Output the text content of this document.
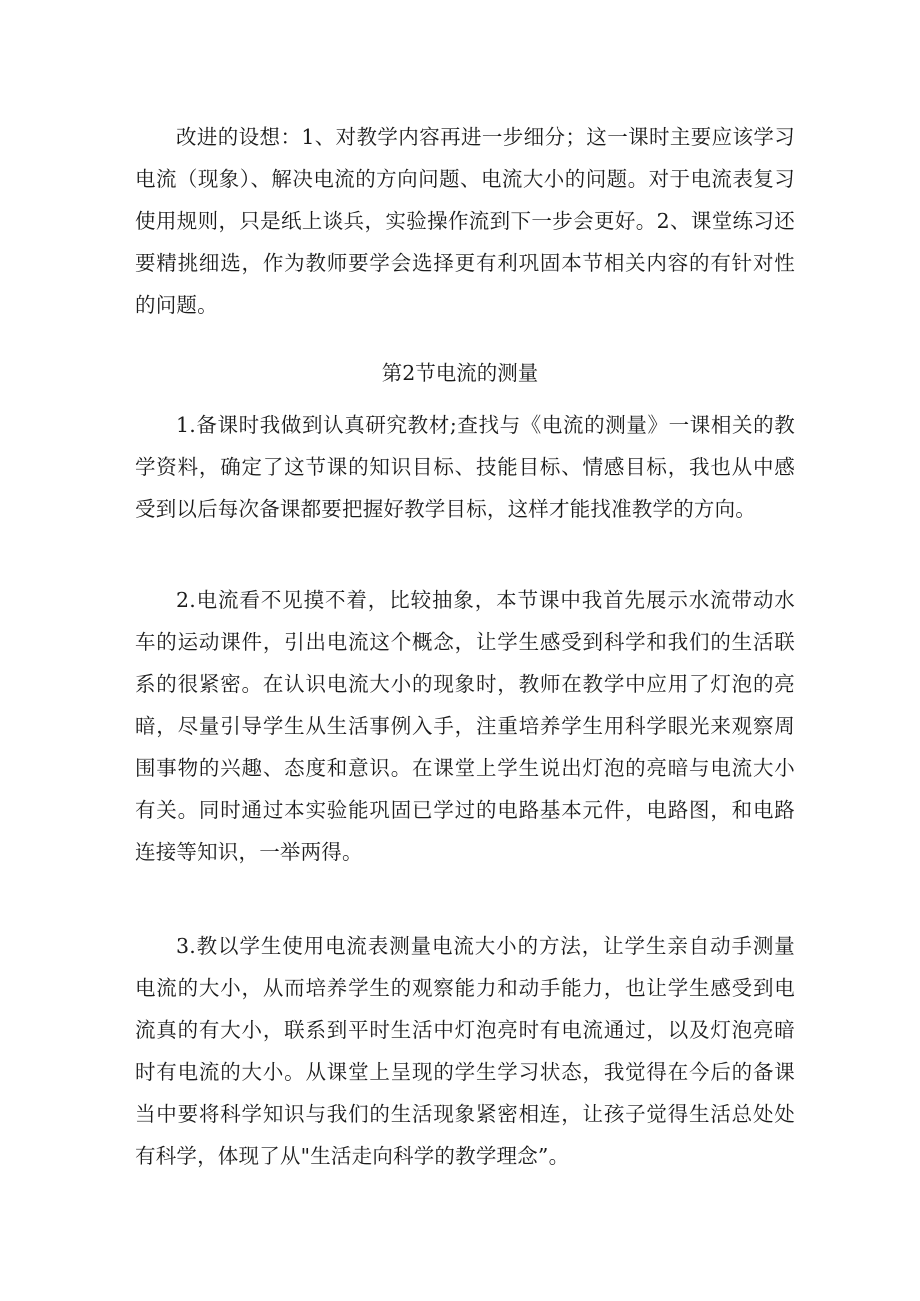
改进的设想：1、对教学内容再进一步细分；这一课时主要应该学习电流（现象）、解决电流的方向问题、电流大小的问题。对于电流表复习使用规则，只是纸上谈兵，实验操作流到下一步会更好。2、课堂练习还要精挑细选，作为教师要学会选择更有利巩固本节相关内容的有针对性的问题。

第2节电流的测量

1.备课时我做到认真研究教材;查找与《电流的测量》一课相关的教学资料，确定了这节课的知识目标、技能目标、情感目标，我也从中感受到以后每次备课都要把握好教学目标，这样才能找准教学的方向。

2.电流看不见摸不着，比较抽象，本节课中我首先展示水流带动水车的运动课件，引出电流这个概念，让学生感受到科学和我们的生活联系的很紧密。在认识电流大小的现象时，教师在教学中应用了灯泡的亮暗，尽量引导学生从生活事例入手，注重培养学生用科学眼光来观察周围事物的兴趣、态度和意识。在课堂上学生说出灯泡的亮暗与电流大小有关。同时通过本实验能巩固已学过的电路基本元件，电路图，和电路连接等知识，一举两得。

3.教以学生使用电流表测量电流大小的方法，让学生亲自动手测量电流的大小，从而培养学生的观察能力和动手能力，也让学生感受到电流真的有大小，联系到平时生活中灯泡亮时有电流通过，以及灯泡亮暗时有电流的大小。从课堂上呈现的学生学习状态，我觉得在今后的备课当中要将科学知识与我们的生活现象紧密相连，让孩子觉得生活总处处有科学，体现了从"生活走向科学的教学理念”。
